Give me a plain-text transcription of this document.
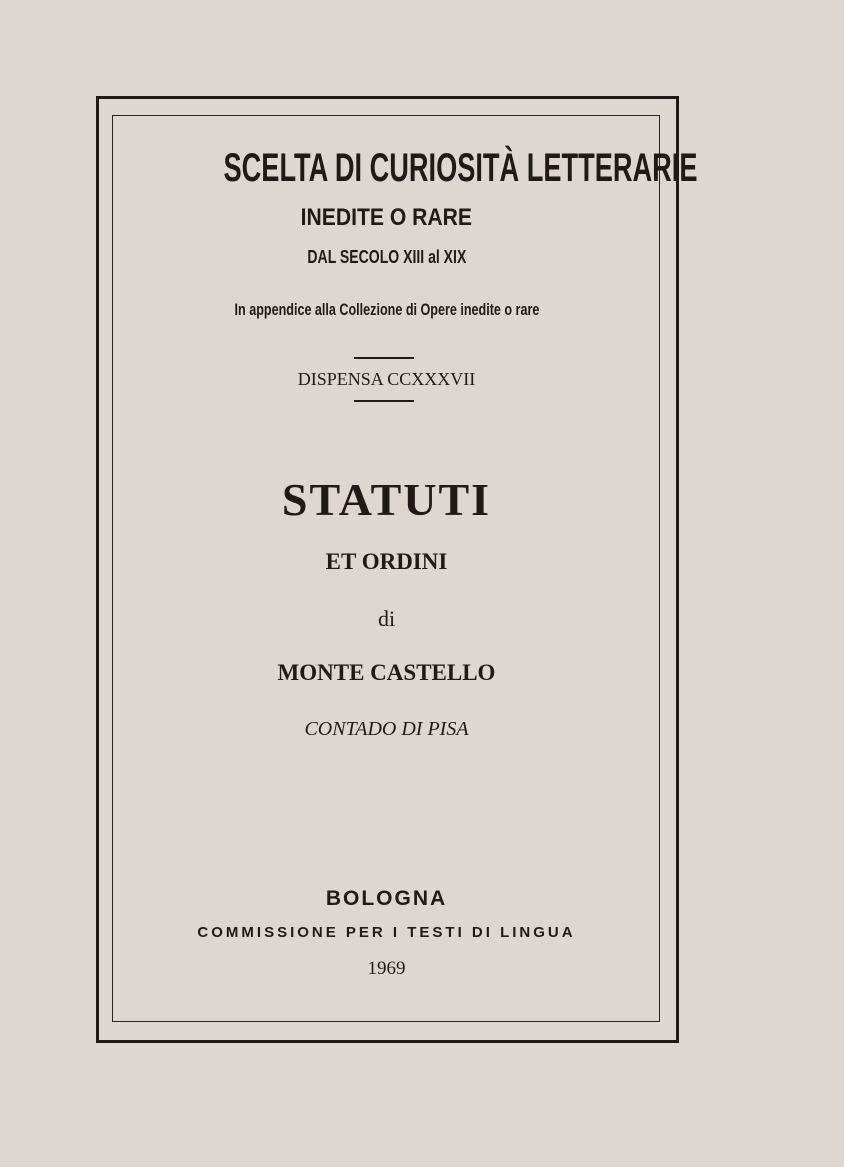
SCELTA DI CURIOSITÀ LETTERARIE
INEDITE O RARE
DAL SECOLO XIII al XIX
In appendice alla Collezione di Opere inedite o rare
DISPENSA CCXXXVII
STATUTI
ET ORDINI
di
MONTE CASTELLO
CONTADO DI PISA
BOLOGNA
COMMISSIONE PER I TESTI DI LINGUA
1969
